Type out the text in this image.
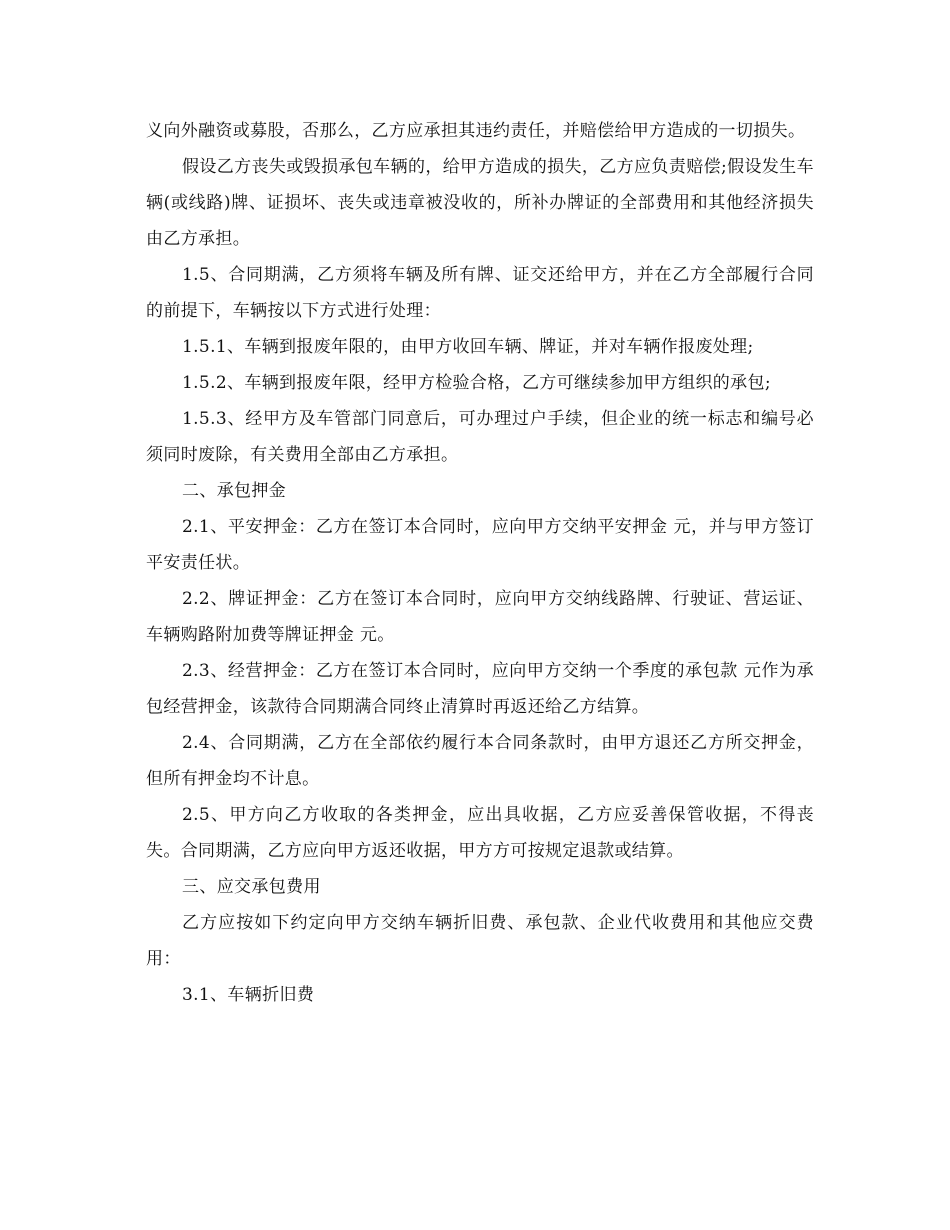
义向外融资或募股，否那么，乙方应承担其违约责任，并赔偿给甲方造成的一切损失。

假设乙方丧失或毁损承包车辆的，给甲方造成的损失，乙方应负责赔偿;假设发生车辆(或线路)牌、证损坏、丧失或违章被没收的，所补办牌证的全部费用和其他经济损失由乙方承担。

1.5、合同期满，乙方须将车辆及所有牌、证交还给甲方，并在乙方全部履行合同的前提下，车辆按以下方式进行处理：

1.5.1、车辆到报废年限的，由甲方收回车辆、牌证，并对车辆作报废处理;

1.5.2、车辆到报废年限，经甲方检验合格，乙方可继续参加甲方组织的承包;

1.5.3、经甲方及车管部门同意后，可办理过户手续，但企业的统一标志和编号必须同时废除，有关费用全部由乙方承担。

二、承包押金

2.1、平安押金：乙方在签订本合同时，应向甲方交纳平安押金 元，并与甲方签订平安责任状。

2.2、牌证押金：乙方在签订本合同时，应向甲方交纳线路牌、行驶证、营运证、车辆购路附加费等牌证押金 元。

2.3、经营押金：乙方在签订本合同时，应向甲方交纳一个季度的承包款 元作为承包经营押金，该款待合同期满合同终止清算时再返还给乙方结算。

2.4、合同期满，乙方在全部依约履行本合同条款时，由甲方退还乙方所交押金，但所有押金均不计息。

2.5、甲方向乙方收取的各类押金，应出具收据，乙方应妥善保管收据，不得丧失。合同期满，乙方应向甲方返还收据，甲方方可按规定退款或结算。

三、应交承包费用

乙方应按如下约定向甲方交纳车辆折旧费、承包款、企业代收费用和其他应交费用：

3.1、车辆折旧费
